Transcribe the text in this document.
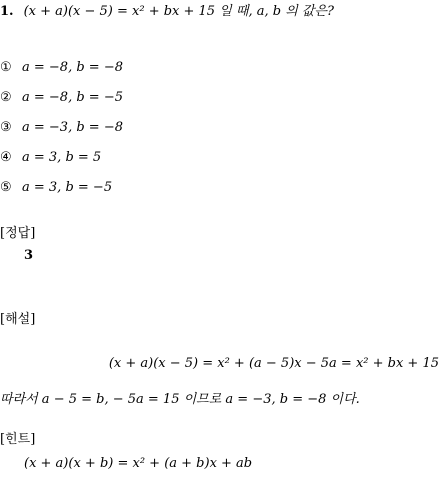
1. (x + a)(x − 5) = x² + bx + 15 일 때, a, b 의 값은?
① a = −8, b = −8
② a = −8, b = −5
③ a = −3, b = −8
④ a = 3, b = 5
⑤ a = 3, b = −5
[정답]
3
[해설]
(x + a)(x − 5) = x² + (a − 5)x − 5a = x² + bx + 15
따라서 a − 5 = b, − 5a = 15 이므로 a = −3, b = −8 이다.
[힌트]
(x + a)(x + b) = x² + (a + b)x + ab
